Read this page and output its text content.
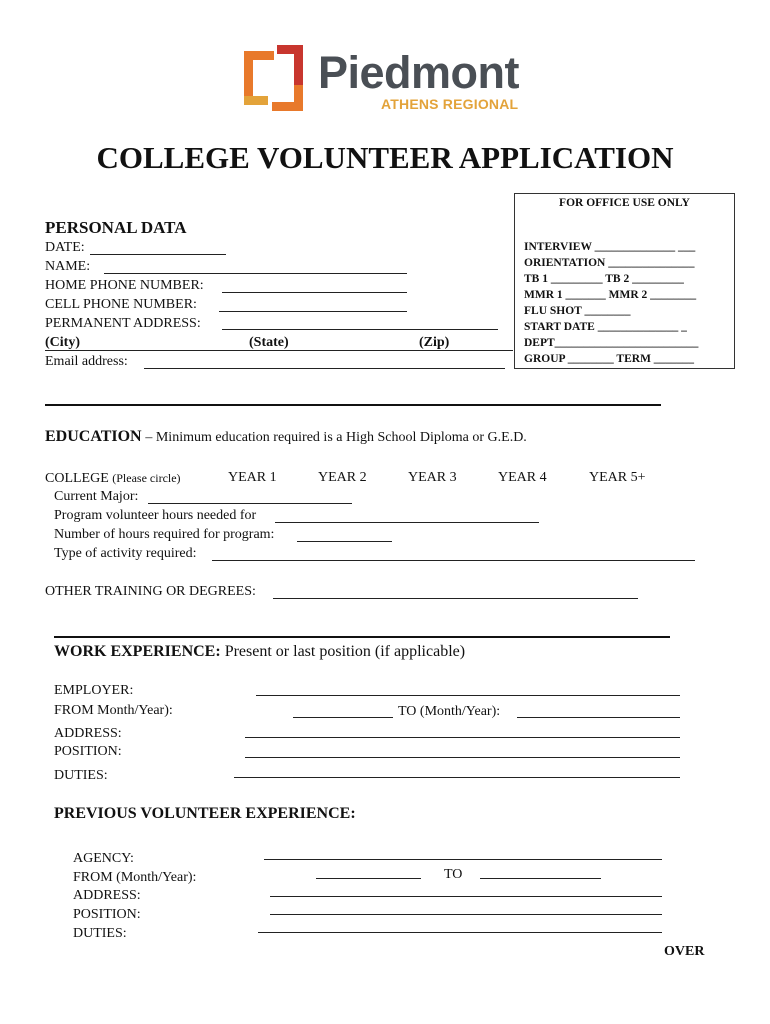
Piedmont
ATHENS REGIONAL
COLLEGE VOLUNTEER APPLICATION
FOR OFFICE USE ONLY
INTERVIEW ______________ ___
ORIENTATION _______________
TB 1 _________ TB 2 _________
MMR 1 _______ MMR 2 ________
FLU SHOT ________
START DATE ______________ _
DEPT_________________________
GROUP ________ TERM _______
PERSONAL DATA
DATE:
NAME:
HOME PHONE NUMBER:
CELL PHONE NUMBER:
PERMANENT ADDRESS:
(City)	(State)	(Zip)
Email address:
EDUCATION – Minimum education required is a High School Diploma or G.E.D.
COLLEGE (Please circle)	YEAR 1	YEAR 2	YEAR 3	YEAR 4	YEAR 5+
Current Major:
Program volunteer hours needed for
Number of hours required for program:
Type of activity required:
OTHER TRAINING OR DEGREES:
WORK EXPERIENCE: Present or last position (if applicable)
EMPLOYER:
FROM Month/Year):	TO (Month/Year):
ADDRESS:
POSITION:
DUTIES:
PREVIOUS VOLUNTEER EXPERIENCE:
AGENCY:
FROM (Month/Year):	TO
ADDRESS:
POSITION:
DUTIES:
OVER
